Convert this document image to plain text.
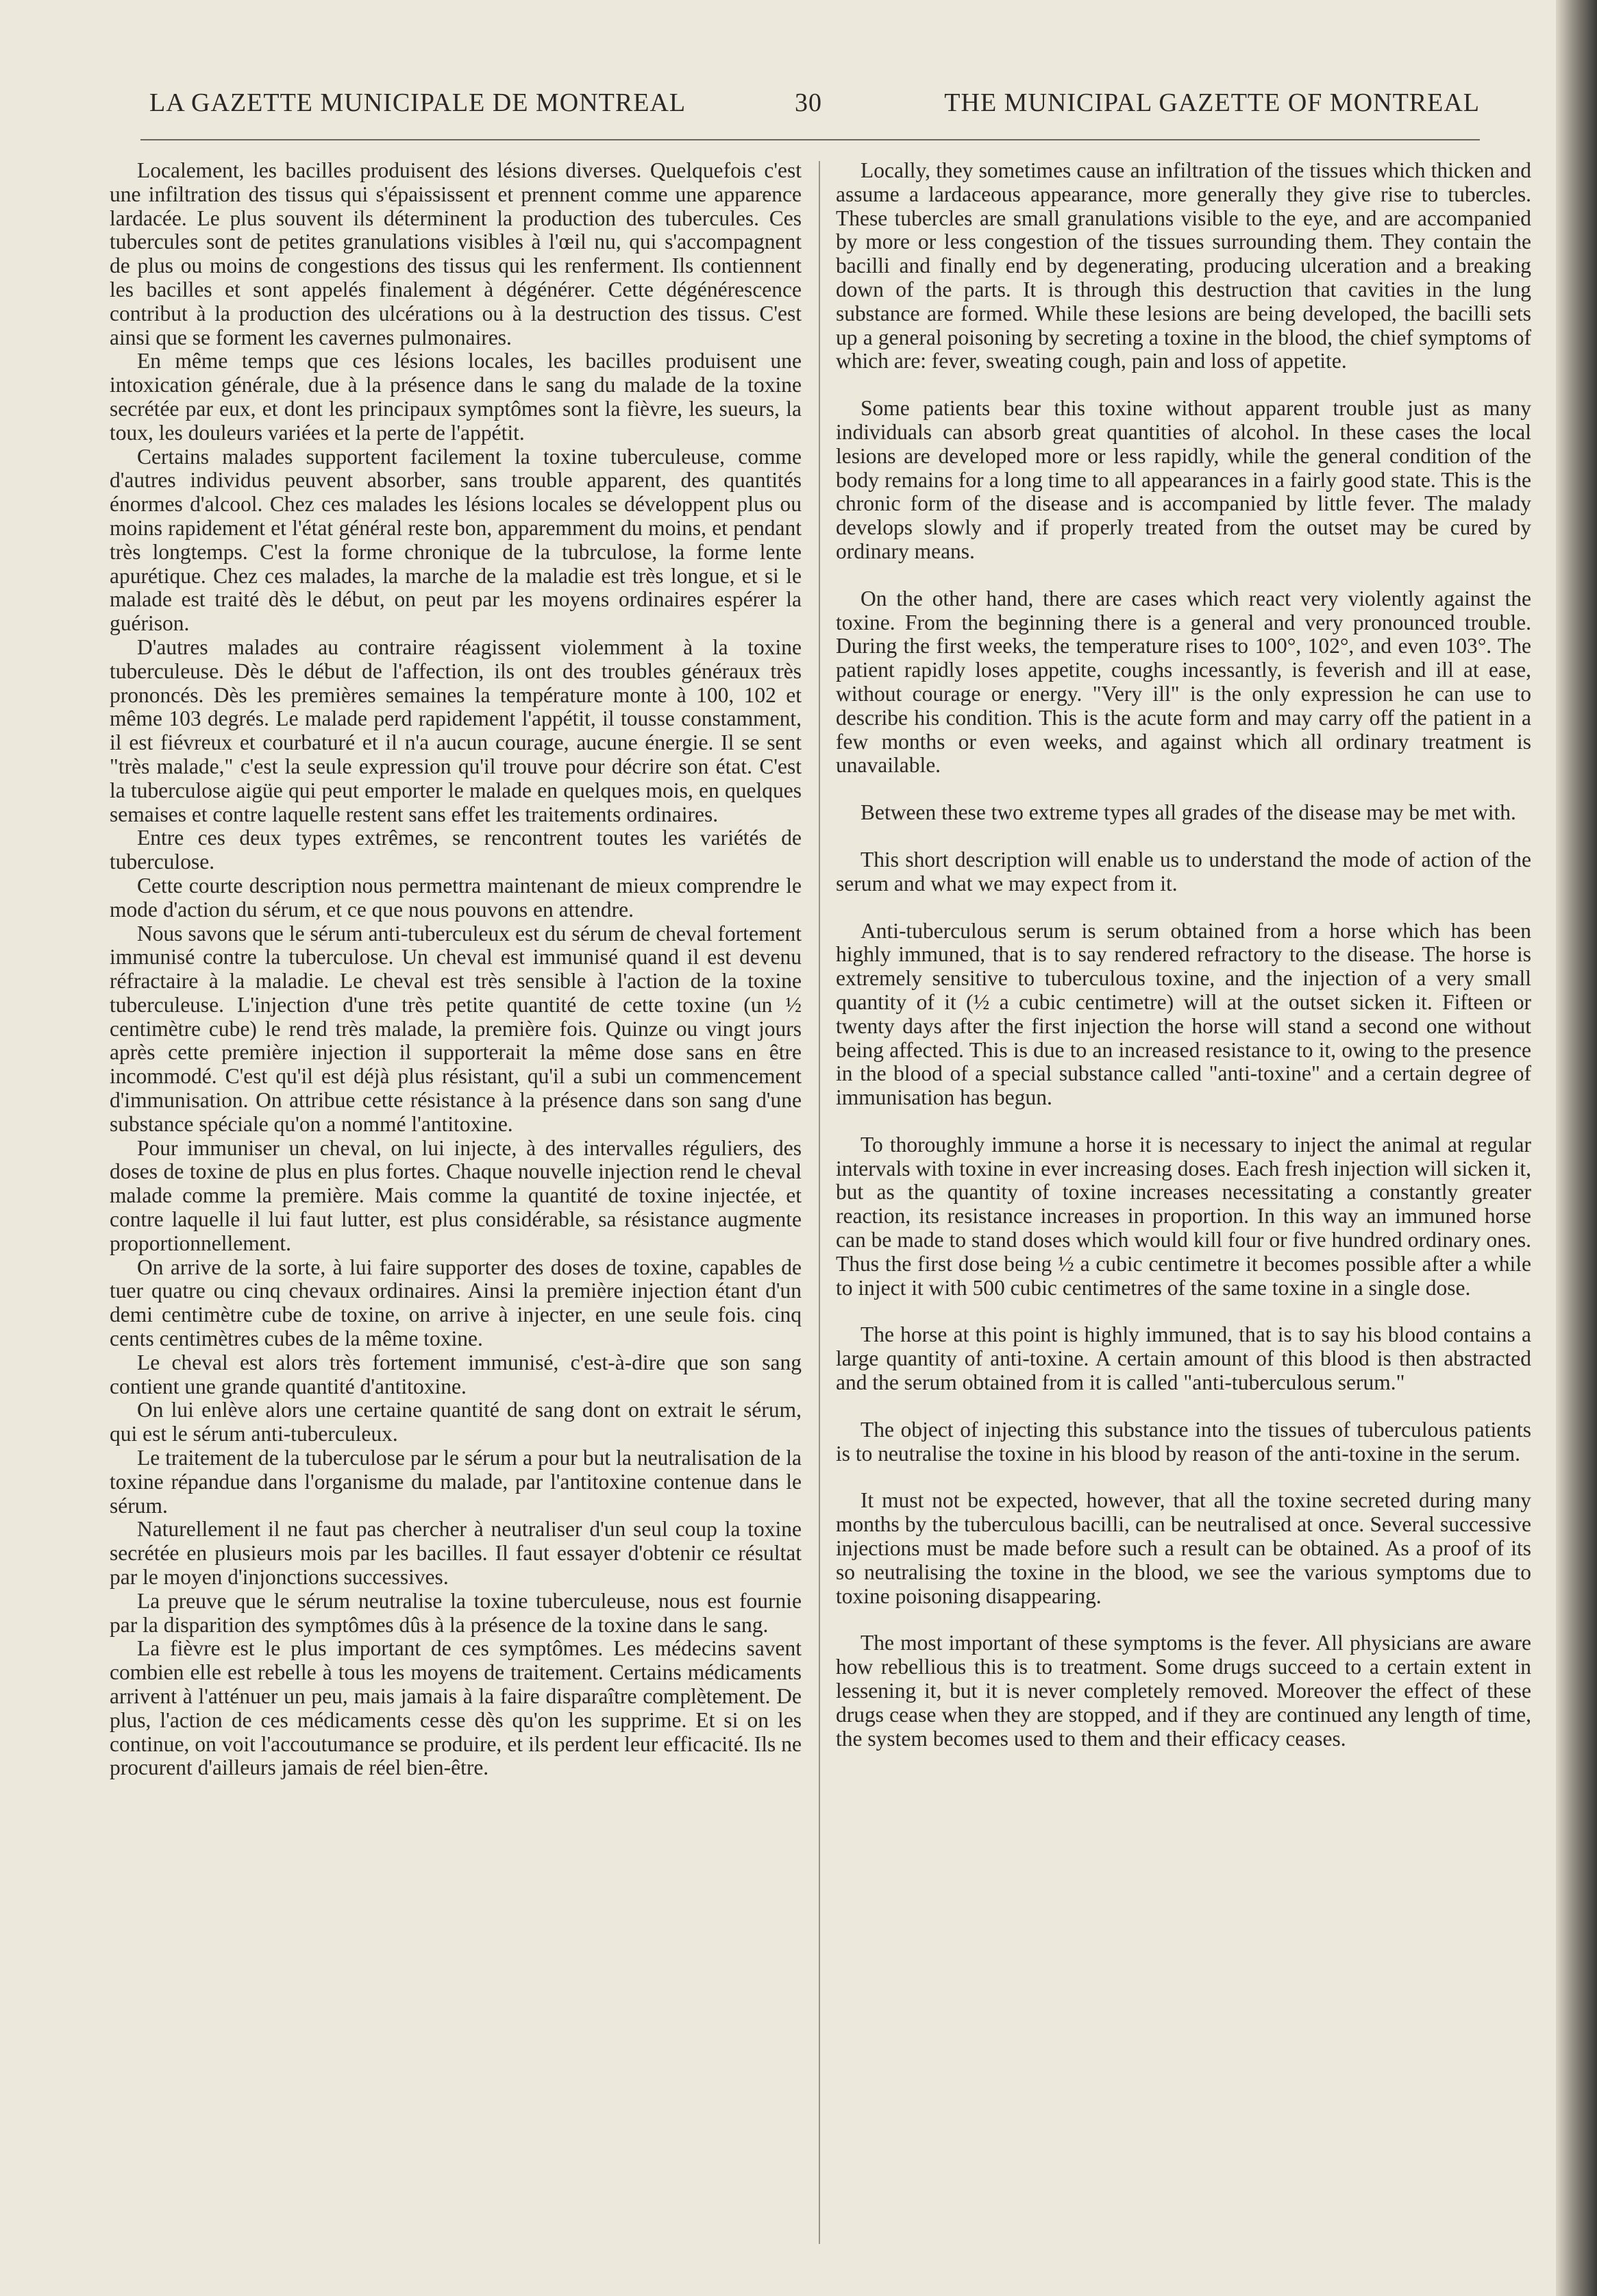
LA GAZETTE MUNICIPALE DE MONTREAL	30	THE MUNICIPAL GAZETTE OF MONTREAL

Localement, les bacilles produisent des lésions diverses. Quelquefois c'est une infiltration des tissus qui s'épaississent et prennent comme une apparence lardacée. Le plus souvent ils déterminent la production des tubercules. Ces tubercules sont de petites granulations visibles à l'œil nu, qui s'accompagnent de plus ou moins de congestions des tissus qui les renferment. Ils contiennent les bacilles et sont appelés finalement à dégénérer. Cette dégénérescence contribut à la production des ulcérations ou à la destruction des tissus. C'est ainsi que se forment les cavernes pulmonaires.

En même temps que ces lésions locales, les bacilles produisent une intoxication générale, due à la présence dans le sang du malade de la toxine secrétée par eux, et dont les principaux symptômes sont la fièvre, les sueurs, la toux, les douleurs variées et la perte de l'appétit.

Certains malades supportent facilement la toxine tuberculeuse, comme d'autres individus peuvent absorber, sans trouble apparent, des quantités énormes d'alcool. Chez ces malades les lésions locales se développent plus ou moins rapidement et l'état général reste bon, apparemment du moins, et pendant très longtemps. C'est la forme chronique de la tubrculose, la forme lente apurétique. Chez ces malades, la marche de la maladie est très longue, et si le malade est traité dès le début, on peut par les moyens ordinaires espérer la guérison.

D'autres malades au contraire réagissent violemment à la toxine tuberculeuse. Dès le début de l'affection, ils ont des troubles généraux très prononcés. Dès les premières semaines la température monte à 100, 102 et même 103 degrés. Le malade perd rapidement l'appétit, il tousse constamment, il est fiévreux et courbaturé et il n'a aucun courage, aucune énergie. Il se sent "très malade," c'est la seule expression qu'il trouve pour décrire son état. C'est la tuberculose aigüe qui peut emporter le malade en quelques mois, en quelques semaises et contre laquelle restent sans effet les traitements ordinaires.

Entre ces deux types extrêmes, se rencontrent toutes les variétés de tuberculose.

Cette courte description nous permettra maintenant de mieux comprendre le mode d'action du sérum, et ce que nous pouvons en attendre.

Nous savons que le sérum anti-tuberculeux est du sérum de cheval fortement immunisé contre la tuberculose. Un cheval est immunisé quand il est devenu réfractaire à la maladie. Le cheval est très sensible à l'action de la toxine tuberculeuse. L'injection d'une très petite quantité de cette toxine (un ½ centimètre cube) le rend très malade, la première fois. Quinze ou vingt jours après cette première injection il supporterait la même dose sans en être incommodé. C'est qu'il est déjà plus résistant, qu'il a subi un commencement d'immunisation. On attribue cette résistance à la présence dans son sang d'une substance spéciale qu'on a nommé l'antitoxine.

Pour immuniser un cheval, on lui injecte, à des intervalles réguliers, des doses de toxine de plus en plus fortes. Chaque nouvelle injection rend le cheval malade comme la première. Mais comme la quantité de toxine injectée, et contre laquelle il lui faut lutter, est plus considérable, sa résistance augmente proportionnellement.

On arrive de la sorte, à lui faire supporter des doses de toxine, capables de tuer quatre ou cinq chevaux ordinaires. Ainsi la première injection étant d'un demi centimètre cube de toxine, on arrive à injecter, en une seule fois. cinq cents centimètres cubes de la même toxine.

Le cheval est alors très fortement immunisé, c'est-à-dire que son sang contient une grande quantité d'antitoxine.

On lui enlève alors une certaine quantité de sang dont on extrait le sérum, qui est le sérum anti-tuberculeux.

Le traitement de la tuberculose par le sérum a pour but la neutralisation de la toxine répandue dans l'organisme du malade, par l'antitoxine contenue dans le sérum.

Naturellement il ne faut pas chercher à neutraliser d'un seul coup la toxine secrétée en plusieurs mois par les bacilles. Il faut essayer d'obtenir ce résultat par le moyen d'injonctions successives.

La preuve que le sérum neutralise la toxine tuberculeuse, nous est fournie par la disparition des symptômes dûs à la présence de la toxine dans le sang.

La fièvre est le plus important de ces symptômes. Les médecins savent combien elle est rebelle à tous les moyens de traitement. Certains médicaments arrivent à l'atténuer un peu, mais jamais à la faire disparaître complètement. De plus, l'action de ces médicaments cesse dès qu'on les supprime. Et si on les continue, on voit l'accoutumance se produire, et ils perdent leur efficacité. Ils ne procurent d'ailleurs jamais de réel bien-être.

Locally, they sometimes cause an infiltration of the tissues which thicken and assume a lardaceous appearance, more generally they give rise to tubercles. These tubercles are small granulations visible to the eye, and are accompanied by more or less congestion of the tissues surrounding them. They contain the bacilli and finally end by degenerating, producing ulceration and a breaking down of the parts. It is through this destruction that cavities in the lung substance are formed. While these lesions are being developed, the bacilli sets up a general poisoning by secreting a toxine in the blood, the chief symptoms of which are: fever, sweating cough, pain and loss of appetite.

Some patients bear this toxine without apparent trouble just as many individuals can absorb great quantities of alcohol. In these cases the local lesions are developed more or less rapidly, while the general condition of the body remains for a long time to all appearances in a fairly good state. This is the chronic form of the disease and is accompanied by little fever. The malady develops slowly and if properly treated from the outset may be cured by ordinary means.

On the other hand, there are cases which react very violently against the toxine. From the beginning there is a general and very pronounced trouble. During the first weeks, the temperature rises to 100°, 102°, and even 103°. The patient rapidly loses appetite, coughs incessantly, is feverish and ill at ease, without courage or energy. "Very ill" is the only expression he can use to describe his condition. This is the acute form and may carry off the patient in a few months or even weeks, and against which all ordinary treatment is unavailable.

Between these two extreme types all grades of the disease may be met with.

This short description will enable us to understand the mode of action of the serum and what we may expect from it.

Anti-tuberculous serum is serum obtained from a horse which has been highly immuned, that is to say rendered refractory to the disease. The horse is extremely sensitive to tuberculous toxine, and the injection of a very small quantity of it (½ a cubic centimetre) will at the outset sicken it. Fifteen or twenty days after the first injection the horse will stand a second one without being affected. This is due to an increased resistance to it, owing to the presence in the blood of a special substance called "anti-toxine" and a certain degree of immunisation has begun.

To thoroughly immune a horse it is necessary to inject the animal at regular intervals with toxine in ever increasing doses. Each fresh injection will sicken it, but as the quantity of toxine increases necessitating a constantly greater reaction, its resistance increases in proportion. In this way an immuned horse can be made to stand doses which would kill four or five hundred ordinary ones. Thus the first dose being ½ a cubic centimetre it becomes possible after a while to inject it with 500 cubic centimetres of the same toxine in a single dose.

The horse at this point is highly immuned, that is to say his blood contains a large quantity of anti-toxine. A certain amount of this blood is then abstracted and the serum obtained from it is called "anti-tuberculous serum."

The object of injecting this substance into the tissues of tuberculous patients is to neutralise the toxine in his blood by reason of the anti-toxine in the serum.

It must not be expected, however, that all the toxine secreted during many months by the tuberculous bacilli, can be neutralised at once. Several successive injections must be made before such a result can be obtained. As a proof of its so neutralising the toxine in the blood, we see the various symptoms due to toxine poisoning disappearing.

The most important of these symptoms is the fever. All physicians are aware how rebellious this is to treatment. Some drugs succeed to a certain extent in lessening it, but it is never completely removed. Moreover the effect of these drugs cease when they are stopped, and if they are continued any length of time, the system becomes used to them and their efficacy ceases.
